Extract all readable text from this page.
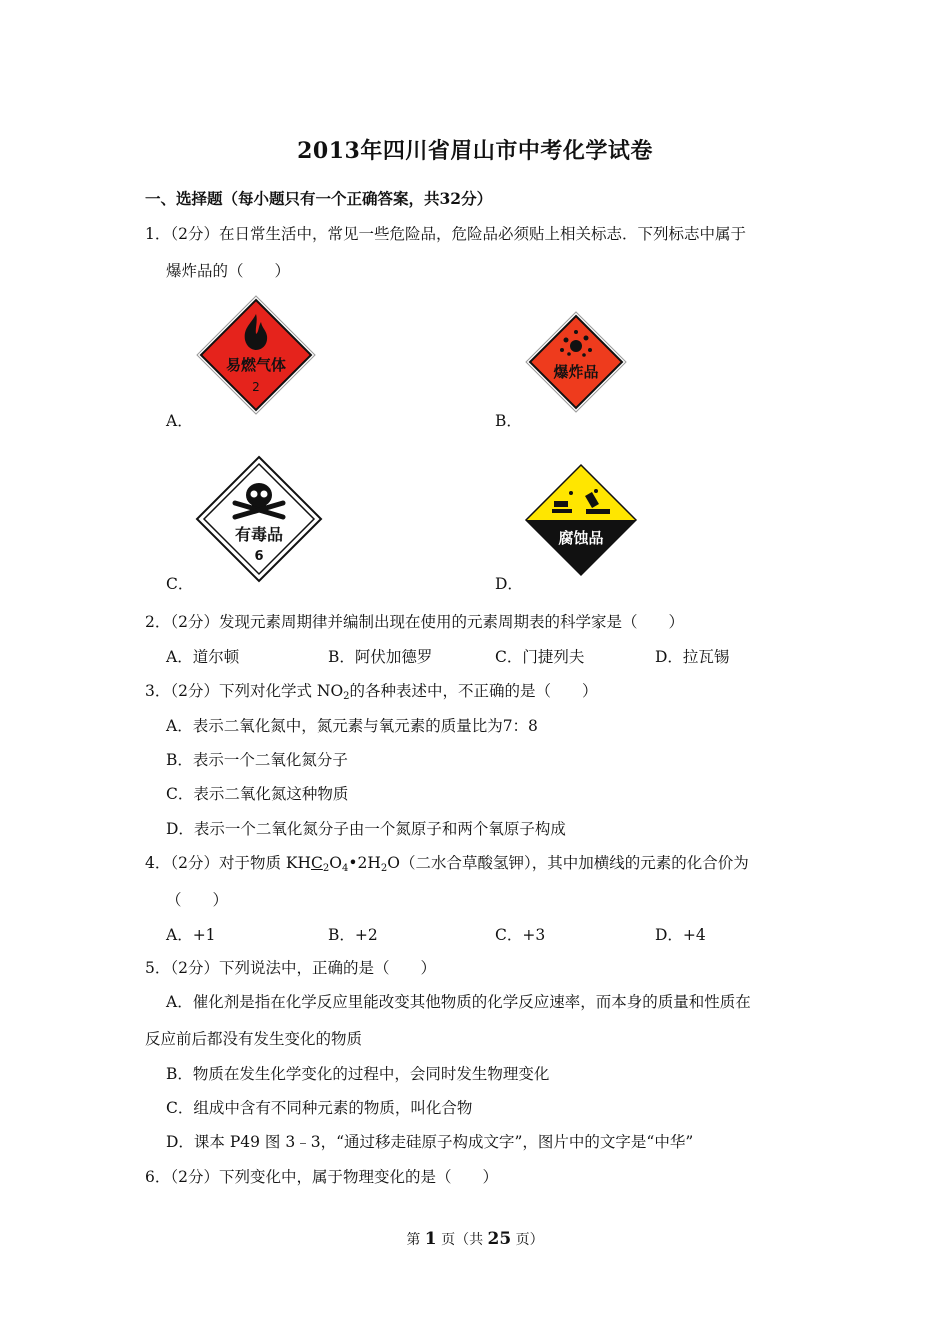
2013年四川省眉山市中考化学试卷
一、选择题（每小题只有一个正确答案，共32分）
1．（2分）在日常生活中，常见一些危险品，危险品必须贴上相关标志．下列标志中属于
爆炸品的（　　）
易燃气体
2
爆炸品
A．	B．
有毒品
6
腐蚀品
C．	D．
2．（2分）发现元素周期律并编制出现在使用的元素周期表的科学家是（　　）
A．道尔顿	B．阿伏加德罗	C．门捷列夫	D．拉瓦锡
3．（2分）下列对化学式 $NO_2$的各种表述中，不正确的是（　　）
A．表示二氧化氮中，氮元素与氧元素的质量比为7：8
B．表示一个二氧化氮分子
C．表示二氧化氮这种物质
D．表示一个二氧化氮分子由一个氮原子和两个氧原子构成
4．（2分）对于物质 $KHC_2O_4•2H_2O$（二水合草酸氢钾），其中加横线的元素的化合价为
（　　）
A．+1	B．+2	C．+3	D．+4
5．（2分）下列说法中，正确的是（　　）
A．催化剂是指在化学反应里能改变其他物质的化学反应速率，而本身的质量和性质在
反应前后都没有发生变化的物质
B．物质在发生化学变化的过程中，会同时发生物理变化
C．组成中含有不同种元素的物质，叫化合物
D．课本 P49 图 3﹣3，“通过移走硅原子构成文字”，图片中的文字是“中华”
6．（2分）下列变化中，属于物理变化的是（　　）
第 1 页（共 25 页）
